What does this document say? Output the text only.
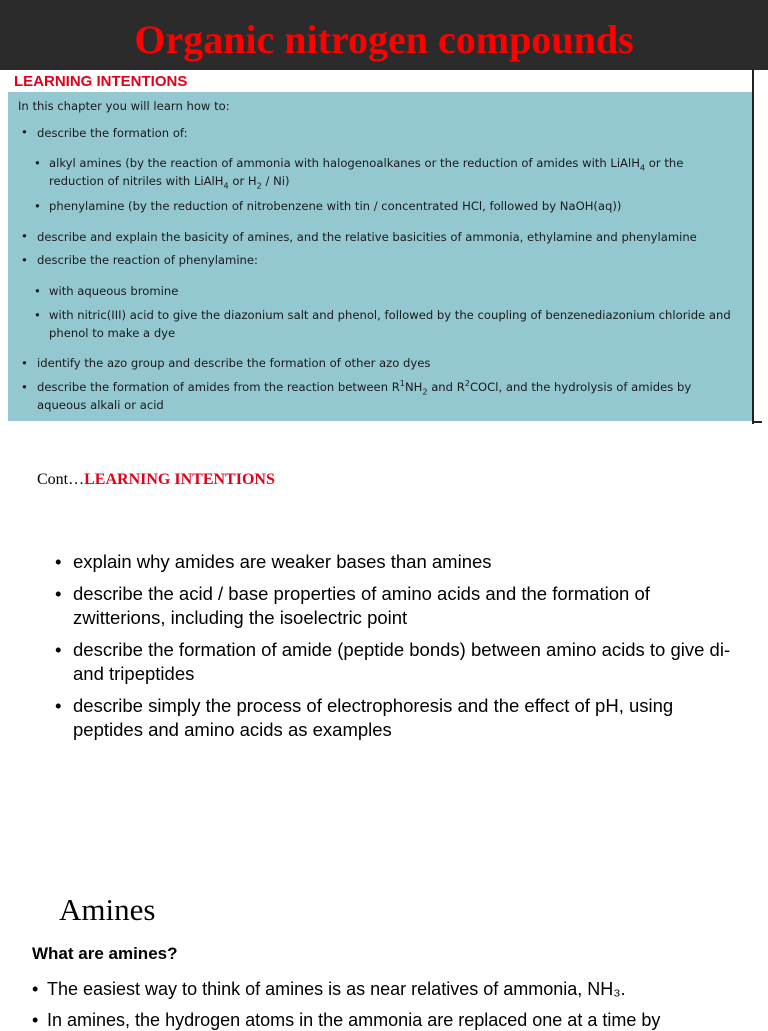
Organic nitrogen compounds
LEARNING INTENTIONS
In this chapter you will learn how to:
• describe the formation of:
• alkyl amines (by the reaction of ammonia with halogenoalkanes or the reduction of amides with LiAlH$_4$ or the reduction of nitriles with LiAlH$_4$ or $H_2 / Ni$)
• phenylamine (by the reduction of nitrobenzene with tin / concentrated HCl, followed by NaOH(aq))
• describe and explain the basicity of amines, and the relative basicities of ammonia, ethylamine and phenylamine
• describe the reaction of phenylamine:
• with aqueous bromine
• with nitric(III) acid to give the diazonium salt and phenol, followed by the coupling of benzenediazonium chloride and phenol to make a dye
• identify the azo group and describe the formation of other azo dyes
• describe the formation of amides from the reaction between $R^1NH_2$ and $R^2COCl$, and the hydrolysis of amides by aqueous alkali or acid
Cont…LEARNING INTENTIONS
• explain why amides are weaker bases than amines
• describe the acid / base properties of amino acids and the formation of zwitterions, including the isoelectric point
• describe the formation of amide (peptide bonds) between amino acids to give di- and tripeptides
• describe simply the process of electrophoresis and the effect of pH, using peptides and amino acids as examples
Amines
What are amines?
• The easiest way to think of amines is as near relatives of ammonia, NH₃.
• In amines, the hydrogen atoms in the ammonia are replaced one at a time by
